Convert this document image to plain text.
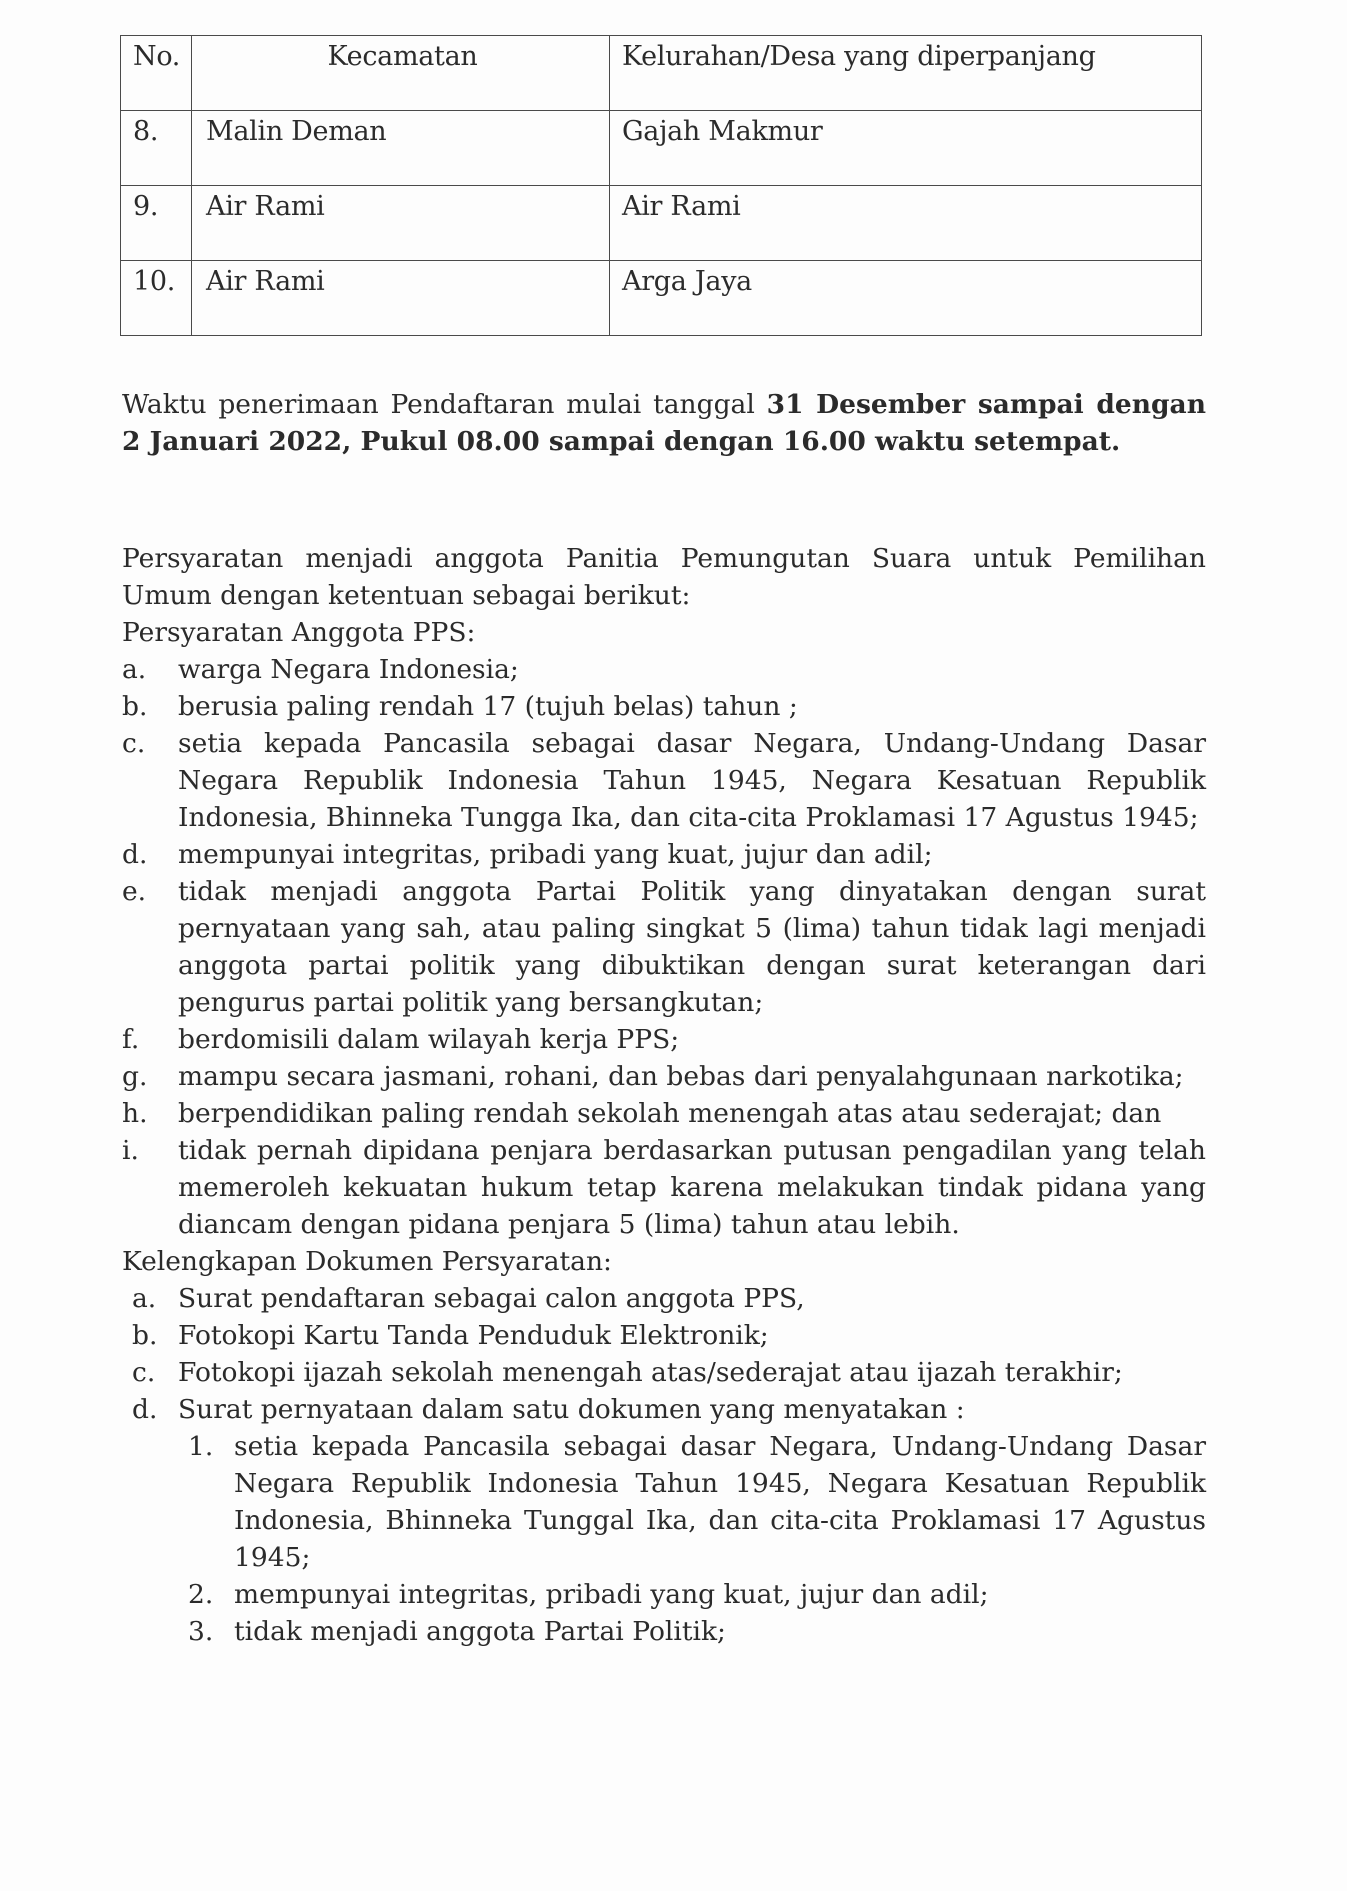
No.	Kecamatan	Kelurahan/Desa yang diperpanjang
8.	Malin Deman	Gajah Makmur
9.	Air Rami	Air Rami
10.	Air Rami	Arga Jaya

Waktu penerimaan Pendaftaran mulai tanggal 31 Desember sampai dengan 2 Januari 2022, Pukul 08.00 sampai dengan 16.00 waktu setempat.

Persyaratan menjadi anggota Panitia Pemungutan Suara untuk Pemilihan Umum dengan ketentuan sebagai berikut:

Persyaratan Anggota PPS:

a. warga Negara Indonesia;
b. berusia paling rendah 17 (tujuh belas) tahun ;
c. setia kepada Pancasila sebagai dasar Negara, Undang-Undang Dasar Negara Republik Indonesia Tahun 1945, Negara Kesatuan Republik Indonesia, Bhinneka Tungga Ika, dan cita-cita Proklamasi 17 Agustus 1945;
d. mempunyai integritas, pribadi yang kuat, jujur dan adil;
e. tidak menjadi anggota Partai Politik yang dinyatakan dengan surat pernyataan yang sah, atau paling singkat 5 (lima) tahun tidak lagi menjadi anggota partai politik yang dibuktikan dengan surat keterangan dari pengurus partai politik yang bersangkutan;
f. berdomisili dalam wilayah kerja PPS;
g. mampu secara jasmani, rohani, dan bebas dari penyalahgunaan narkotika;
h. berpendidikan paling rendah sekolah menengah atas atau sederajat; dan
i. tidak pernah dipidana penjara berdasarkan putusan pengadilan yang telah memeroleh kekuatan hukum tetap karena melakukan tindak pidana yang diancam dengan pidana penjara 5 (lima) tahun atau lebih.

Kelengkapan Dokumen Persyaratan:

a. Surat pendaftaran sebagai calon anggota PPS,
b. Fotokopi Kartu Tanda Penduduk Elektronik;
c. Fotokopi ijazah sekolah menengah atas/sederajat atau ijazah terakhir;
d. Surat pernyataan dalam satu dokumen yang menyatakan :
1. setia kepada Pancasila sebagai dasar Negara, Undang-Undang Dasar Negara Republik Indonesia Tahun 1945, Negara Kesatuan Republik Indonesia, Bhinneka Tunggal Ika, dan cita-cita Proklamasi 17 Agustus 1945;
2. mempunyai integritas, pribadi yang kuat, jujur dan adil;
3. tidak menjadi anggota Partai Politik;
